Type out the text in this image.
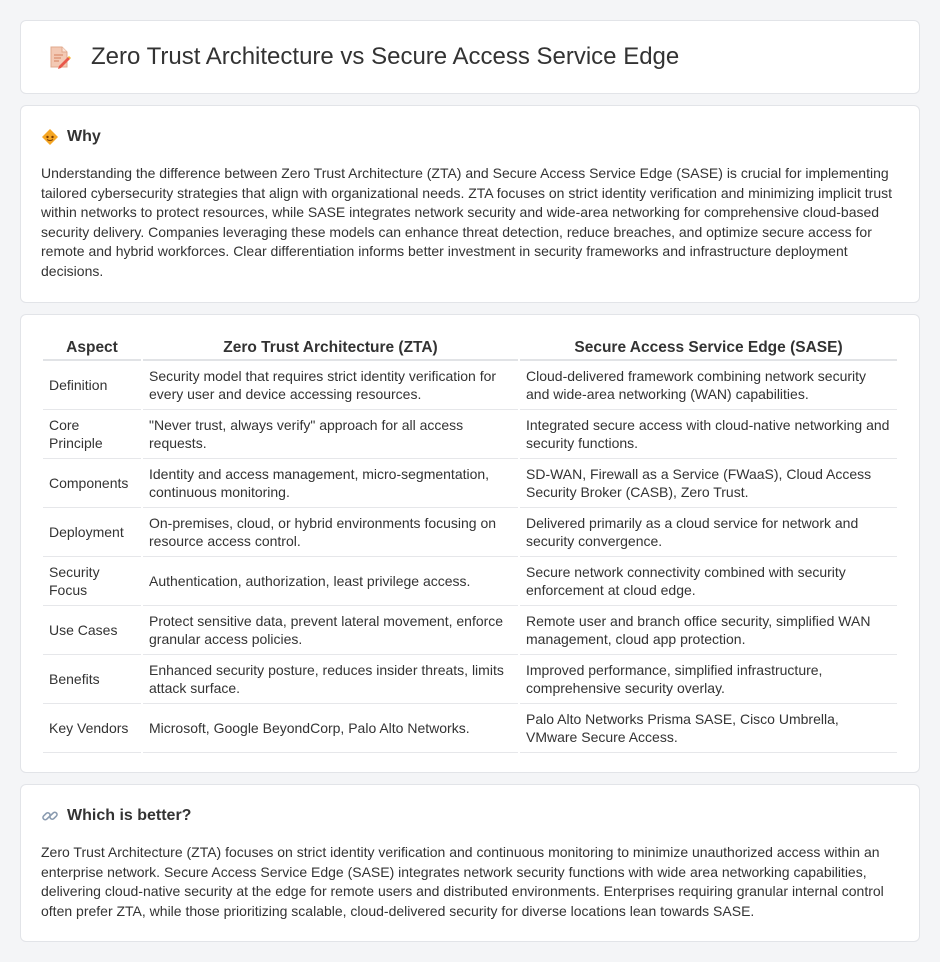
Zero Trust Architecture vs Secure Access Service Edge
Why

Understanding the difference between Zero Trust Architecture (ZTA) and Secure Access Service Edge (SASE) is crucial for implementing tailored cybersecurity strategies that align with organizational needs. ZTA focuses on strict identity verification and minimizing implicit trust within networks to protect resources, while SASE integrates network security and wide-area networking for comprehensive cloud-based security delivery. Companies leveraging these models can enhance threat detection, reduce breaches, and optimize secure access for remote and hybrid workforces. Clear differentiation informs better investment in security frameworks and infrastructure deployment decisions.

Aspect	Zero Trust Architecture (ZTA)	Secure Access Service Edge (SASE)
Definition	Security model that requires strict identity verification for every user and device accessing resources.	Cloud-delivered framework combining network security and wide-area networking (WAN) capabilities.
Core Principle	"Never trust, always verify" approach for all access requests.	Integrated secure access with cloud-native networking and security functions.
Components	Identity and access management, micro-segmentation, continuous monitoring.	SD-WAN, Firewall as a Service (FWaaS), Cloud Access Security Broker (CASB), Zero Trust.
Deployment	On-premises, cloud, or hybrid environments focusing on resource access control.	Delivered primarily as a cloud service for network and security convergence.
Security Focus	Authentication, authorization, least privilege access.	Secure network connectivity combined with security enforcement at cloud edge.
Use Cases	Protect sensitive data, prevent lateral movement, enforce granular access policies.	Remote user and branch office security, simplified WAN management, cloud app protection.
Benefits	Enhanced security posture, reduces insider threats, limits attack surface.	Improved performance, simplified infrastructure, comprehensive security overlay.
Key Vendors	Microsoft, Google BeyondCorp, Palo Alto Networks.	Palo Alto Networks Prisma SASE, Cisco Umbrella, VMware Secure Access.
Which is better?

Zero Trust Architecture (ZTA) focuses on strict identity verification and continuous monitoring to minimize unauthorized access within an enterprise network. Secure Access Service Edge (SASE) integrates network security functions with wide area networking capabilities, delivering cloud-native security at the edge for remote users and distributed environments. Enterprises requiring granular internal control often prefer ZTA, while those prioritizing scalable, cloud-delivered security for diverse locations lean towards SASE.
